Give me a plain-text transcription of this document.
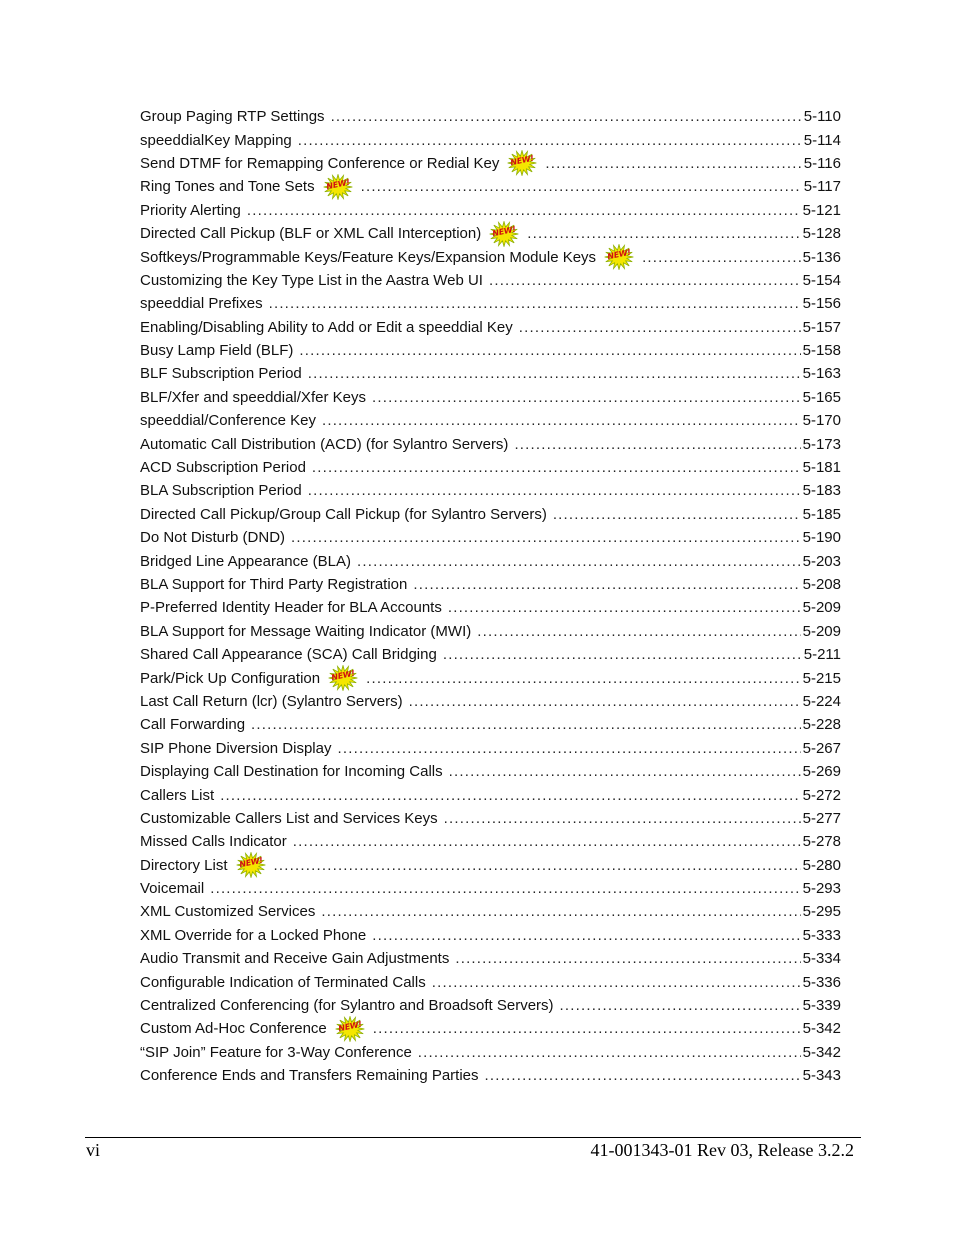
Group Paging RTP Settings .....	5-110
speeddialKey Mapping .....	5-114
Send DTMF for Remapping Conference or Redial Key	NEW! .....	5-116
Ring Tones and Tone Sets	NEW! .....	5-117
Priority Alerting .....	5-121
Directed Call Pickup (BLF or XML Call Interception)	NEW! .....	5-128
Softkeys/Programmable Keys/Feature Keys/Expansion Module Keys	NEW! .....	5-136
Customizing the Key Type List in the Aastra Web UI .....	5-154
speeddial Prefixes .....	5-156
Enabling/Disabling Ability to Add or Edit a speeddial Key .....	5-157
Busy Lamp Field (BLF) .....	5-158
BLF Subscription Period .....	5-163
BLF/Xfer and speeddial/Xfer Keys .....	5-165
speeddial/Conference Key .....	5-170
Automatic Call Distribution (ACD) (for Sylantro Servers) .....	5-173
ACD Subscription Period .....	5-181
BLA Subscription Period .....	5-183
Directed Call Pickup/Group Call Pickup (for Sylantro Servers) .....	5-185
Do Not Disturb (DND) .....	5-190
Bridged Line Appearance (BLA) .....	5-203
BLA Support for Third Party Registration .....	5-208
P-Preferred Identity Header for BLA Accounts .....	5-209
BLA Support for Message Waiting Indicator (MWI) .....	5-209
Shared Call Appearance (SCA) Call Bridging .....	5-211
Park/Pick Up Configuration	NEW! .....	5-215
Last Call Return (lcr) (Sylantro Servers) .....	5-224
Call Forwarding .....	5-228
SIP Phone Diversion Display .....	5-267
Displaying Call Destination for Incoming Calls .....	5-269
Callers List .....	5-272
Customizable Callers List and Services Keys .....	5-277
Missed Calls Indicator .....	5-278
Directory List	NEW! .....	5-280
Voicemail .....	5-293
XML Customized Services .....	5-295
XML Override for a Locked Phone .....	5-333
Audio Transmit and Receive Gain Adjustments .....	5-334
Configurable Indication of Terminated Calls .....	5-336
Centralized Conferencing (for Sylantro and Broadsoft Servers) .....	5-339
Custom Ad-Hoc Conference	NEW! .....	5-342
“SIP Join” Feature for 3-Way Conference .....	5-342
Conference Ends and Transfers Remaining Parties .....	5-343
vi	41-001343-01 Rev 03, Release 3.2.2
